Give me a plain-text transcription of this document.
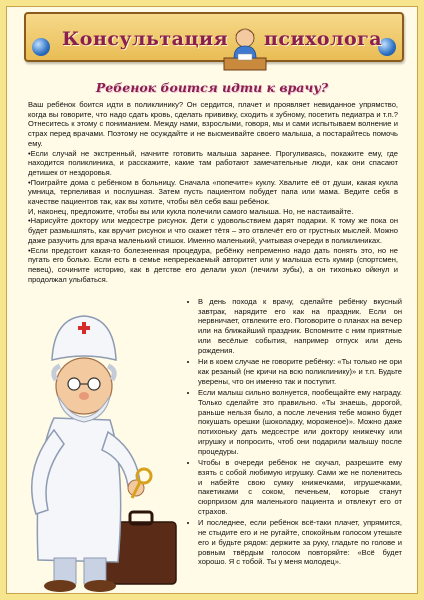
Консультация психолога
Ребенок боится идти к врачу?

Ваш ребёнок боится идти в поликлинику? Он сердится, плачет и проявляет невиданное упрямство, когда вы говорите, что надо сдать кровь, сделать прививку, сходить к зубному, посетить педиатра и т.п.? Отнеситесь к этому с пониманием. Между нами, взрослыми, говоря, мы и сами испытываем волнение и страх перед врачами. Поэтому не осуждайте и не высмеивайте своего малыша, а постарайтесь помочь ему.

•Если случай не экстренный, начните готовить малыша заранее. Прогуливаясь, покажите ему, где находится поликлиника, и расскажите, какие там работают замечательные люди, как они спасают детишек от нездоровья.

•Поиграйте дома с ребёнком в больницу. Сначала «попечите» куклу. Хвалите её от души, какая кукла умница, терпеливая и послушная. Затем пусть пациентом побудет папа или мама. Ведите себя в качестве пациентов так, как вы хотите, чтобы вёл себя ваш ребёнок.

И, наконец, предложите, чтобы вы или кукла полечили самого малыша. Но, не настаивайте.

•Нарисуйте доктору или медсестре рисунок. Дети с удовольствием дарят подарки. К тому же пока он будет размышлять, как вручит рисунок и что скажет тётя – это отвлечёт его от грустных мыслей. Можно даже разучить для врача маленький стишок. Именно маленький, учитывая очереди в поликлиниках.

•Если предстоит какая-то болезненная процедура, ребёнку непременно надо дать понять это, но не пугать его болью. Если есть в семье непререкаемый авторитет или у малыша есть кумир (спортсмен, певец), сочините историю, как в детстве его делали укол (лечили зубы), а он тихонько ойкнул и продолжал улыбаться.

• В день похода к врачу, сделайте ребёнку вкусный завтрак, нарядите его как на праздник. Если он нервничает, отвлеките его. Поговорите о планах на вечер или на ближайший праздник. Вспомните с ним приятные или весёлые события, например отпуск или день рождения.
• Ни в коем случае не говорите ребёнку: «Ты только не ори как резаный (не кричи на всю поликлинику)» и т.п. Будьте уверены, что он именно так и поступит.
• Если малыш сильно волнуется, пообещайте ему награду. Только сделайте это правильно. «Ты знаешь, дорогой, раньше нельзя было, а после лечения тебе можно будет покушать орешки (шоколадку, мороженое)». Можно даже потихоньку дать медсестре или доктору книжечку или игрушку и попросить, чтоб они подарили малышу после процедуры.
• Чтобы в очереди ребёнок не скучал, разрешите ему взять с собой любимую игрушку. Сами же не поленитесь и набейте свою сумку книжечками, игрушечками, пакетиками с соком, печеньем, которые станут сюрпризом для маленького пациента и отвлекут его от страхов.
• И последнее, если ребёнок всё-таки плачет, упрямится, не стыдите его и не ругайте, спокойным голосом утешьте его и будьте рядом: держите за руку, гладьте по голове и ровным твёрдым голосом повторяйте: «Всё будет хорошо. Я с тобой. Ты у меня молодец».
